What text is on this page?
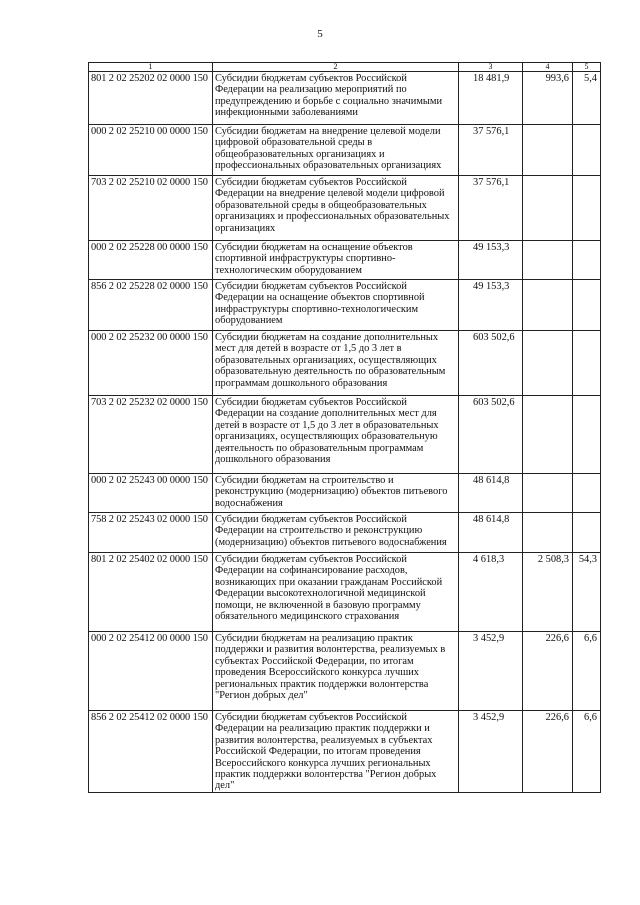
5
1	2	3	4	5
801 2 02 25202 02 0000 150	Субсидии бюджетам субъектов Российской Федерации на реализацию мероприятий по предупреждению и борьбе с социально значимыми инфекционными заболеваниями	18 481,9	993,6	5,4
000 2 02 25210 00 0000 150	Субсидии бюджетам на внедрение целевой модели цифровой образовательной среды в общеобразовательных организациях и профессиональных образовательных организациях	37 576,1		
703 2 02 25210 02 0000 150	Субсидии бюджетам субъектов Российской Федерации на внедрение целевой модели цифровой образовательной среды в общеобразовательных организациях и профессиональных образовательных организациях	37 576,1		
000 2 02 25228 00 0000 150	Субсидии бюджетам на оснащение объектов спортивной инфраструктуры спортивно-технологическим оборудованием	49 153,3		
856 2 02 25228 02 0000 150	Субсидии бюджетам субъектов Российской Федерации на оснащение объектов спортивной инфраструктуры спортивно-технологическим оборудованием	49 153,3		
000 2 02 25232 00 0000 150	Субсидии бюджетам на создание дополнительных мест для детей в возрасте от 1,5 до 3 лет в образовательных организациях, осуществляющих образовательную деятельность по образовательным программам дошкольного образования	603 502,6		
703 2 02 25232 02 0000 150	Субсидии бюджетам субъектов Российской Федерации на создание дополнительных мест для детей в возрасте от 1,5 до 3 лет в образовательных организациях, осуществляющих образовательную деятельность по образовательным программам дошкольного образования	603 502,6		
000 2 02 25243 00 0000 150	Субсидии бюджетам на строительство и реконструкцию (модернизацию) объектов питьевого водоснабжения	48 614,8		
758 2 02 25243 02 0000 150	Субсидии бюджетам субъектов Российской Федерации на строительство и реконструкцию (модернизацию) объектов питьевого водоснабжения	48 614,8		
801 2 02 25402 02 0000 150	Субсидии бюджетам субъектов Российской Федерации на софинансирование расходов, возникающих при оказании гражданам Российской Федерации высокотехнологичной медицинской помощи, не включенной в базовую программу обязательного медицинского страхования	4 618,3	2 508,3	54,3
000 2 02 25412 00 0000 150	Субсидии бюджетам на реализацию практик поддержки и развития волонтерства, реализуемых в субъектах Российской Федерации, по итогам проведения Всероссийского конкурса лучших региональных практик поддержки волонтерства "Регион добрых дел"	3 452,9	226,6	6,6
856 2 02 25412 02 0000 150	Субсидии бюджетам субъектов Российской Федерации на реализацию практик поддержки и развития волонтерства, реализуемых в субъектах Российской Федерации, по итогам проведения Всероссийского конкурса лучших региональных практик поддержки волонтерства "Регион добрых дел"	3 452,9	226,6	6,6
